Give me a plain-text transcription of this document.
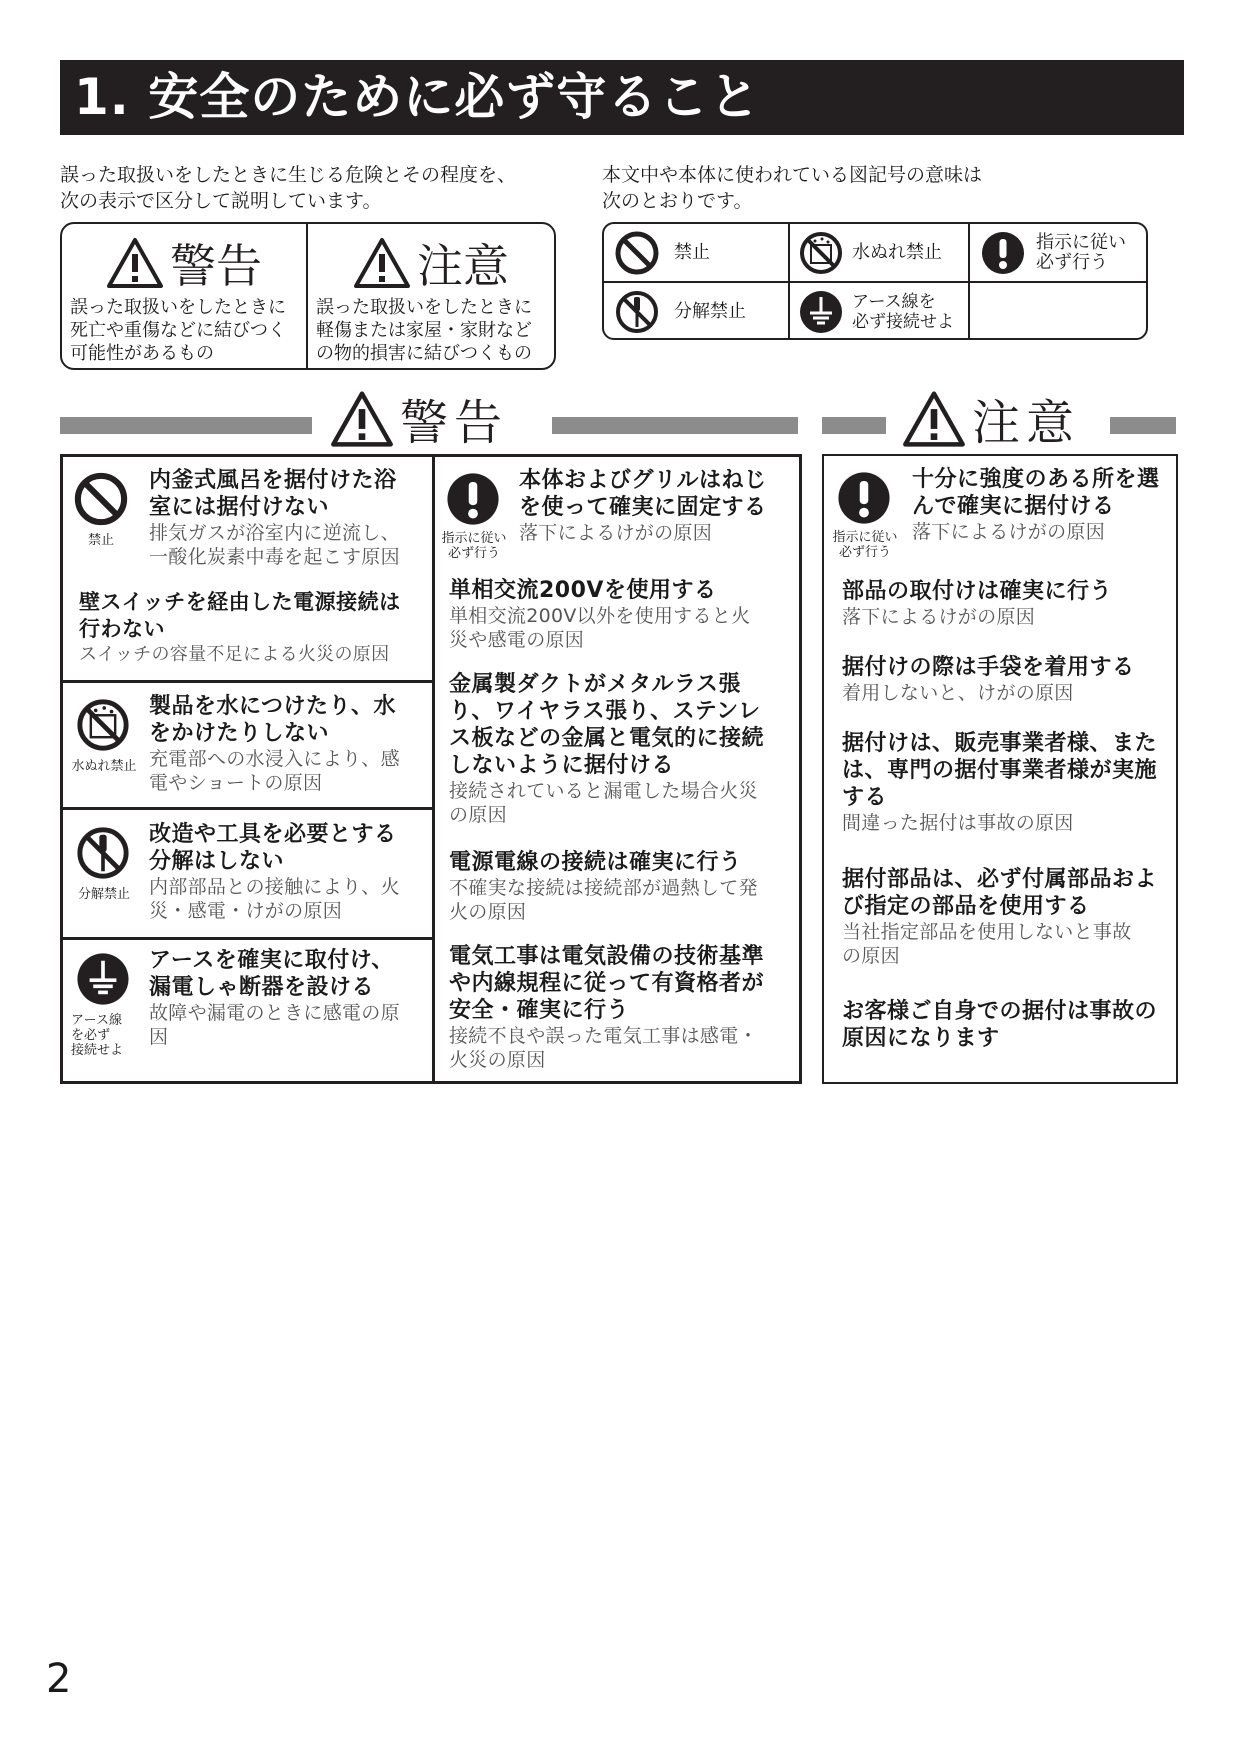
1. 安全のために必ず守ること
誤った取扱いをしたときに生じる危険とその程度を、
次の表示で区分して説明しています。
本文中や本体に使われている図記号の意味は
次のとおりです。
警告
誤った取扱いをしたときに
死亡や重傷などに結びつく
可能性があるもの
注意
誤った取扱いをしたときに
軽傷または家屋・家財など
の物的損害に結びつくもの
禁止	水ぬれ禁止	指示に従い
必ず行う
分解禁止	アース線を
必ず接続せよ
警告	注意
禁止
内釜式風呂を据付けた浴
室には据付けない
排気ガスが浴室内に逆流し、
一酸化炭素中毒を起こす原因
壁スイッチを経由した電源接続は
行わない
スイッチの容量不足による火災の原因
水ぬれ禁止
製品を水につけたり、水
をかけたりしない
充電部への水浸入により、感
電やショートの原因
分解禁止
改造や工具を必要とする
分解はしない
内部部品との接触により、火
災・感電・けがの原因
アース線
を必ず
接続せよ
アースを確実に取付け、
漏電しゃ断器を設ける
故障や漏電のときに感電の原
因
指示に従い
必ず行う
本体およびグリルはねじ
を使って確実に固定する
落下によるけがの原因
単相交流200Vを使用する
単相交流200V以外を使用すると火
災や感電の原因
金属製ダクトがメタルラス張
り、ワイヤラス張り、ステンレ
ス板などの金属と電気的に接続
しないように据付ける
接続されていると漏電した場合火災
の原因
電源電線の接続は確実に行う
不確実な接続は接続部が過熱して発
火の原因
電気工事は電気設備の技術基準
や内線規程に従って有資格者が
安全・確実に行う
接続不良や誤った電気工事は感電・
火災の原因
指示に従い
必ず行う
十分に強度のある所を選
んで確実に据付ける
落下によるけがの原因
部品の取付けは確実に行う
落下によるけがの原因
据付けの際は手袋を着用する
着用しないと、けがの原因
据付けは、販売事業者様、また
は、専門の据付事業者様が実施
する
間違った据付は事故の原因
据付部品は、必ず付属部品およ
び指定の部品を使用する
当社指定部品を使用しないと事故
の原因
お客様ご自身での据付は事故の
原因になります
2
